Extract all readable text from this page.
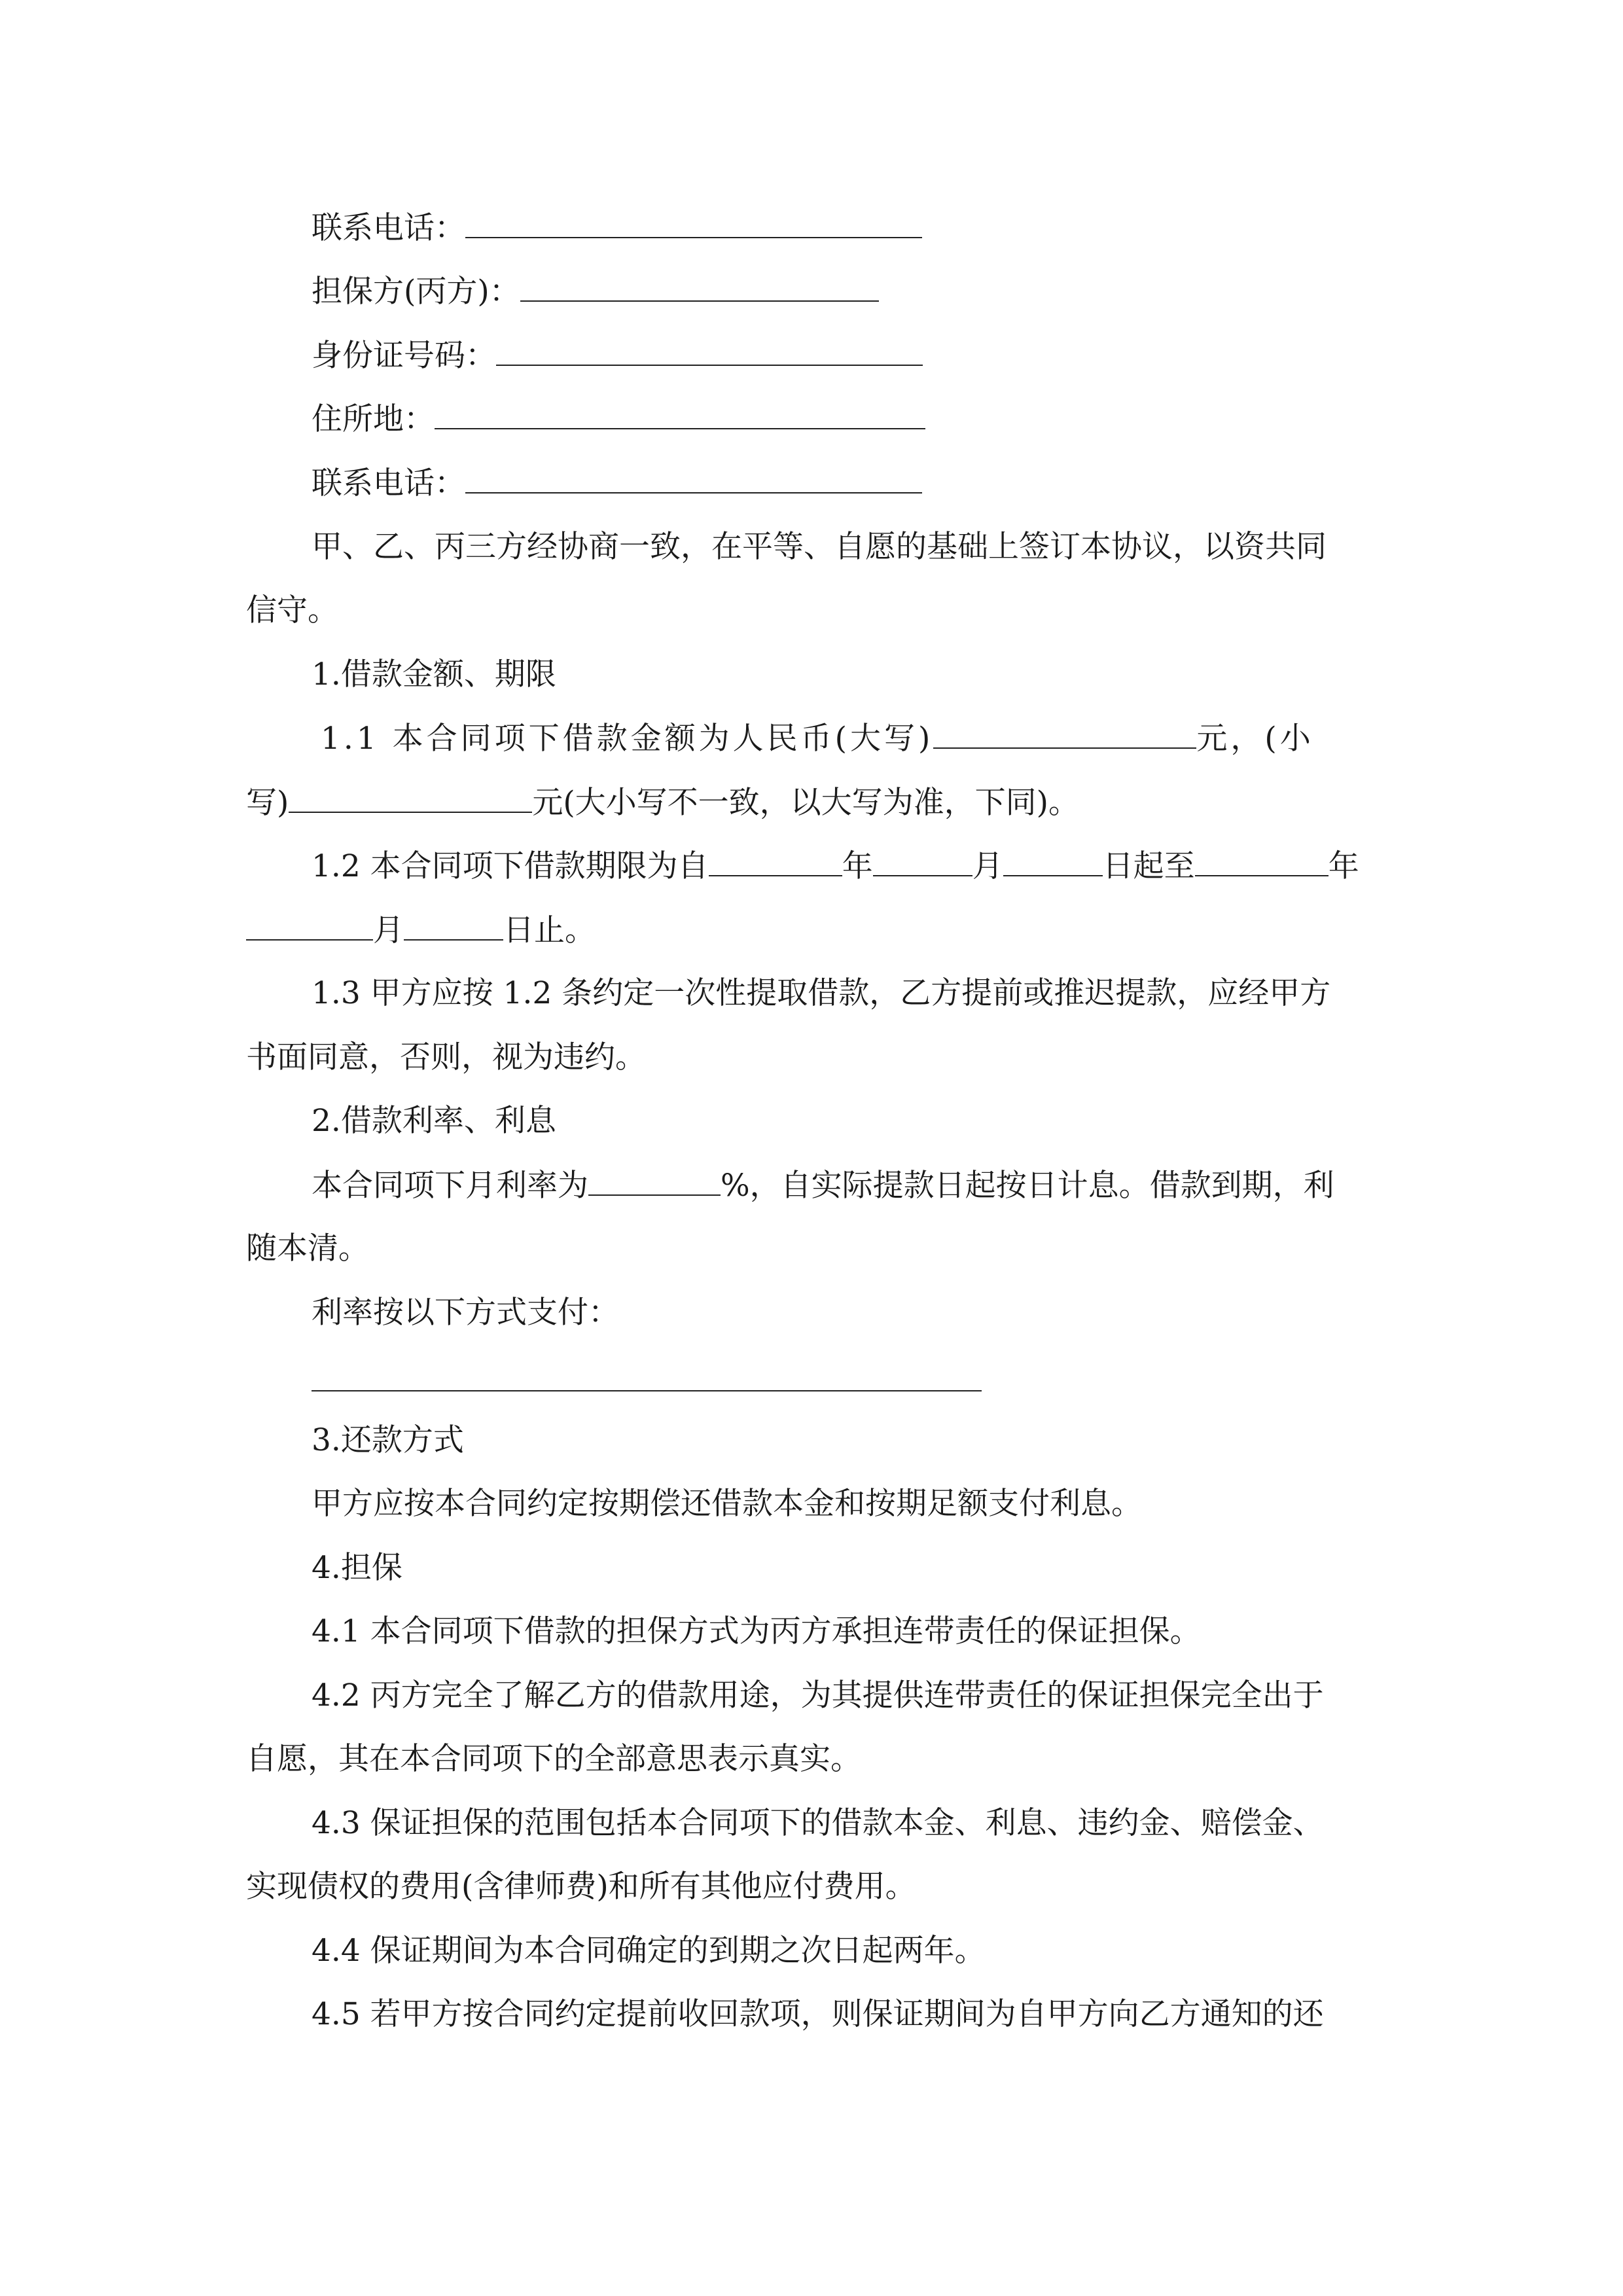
联系电话：
担保方(丙方)：
身份证号码：
住所地：
联系电话：
甲、乙、丙三方经协商一致，在平等、自愿的基础上签订本协议，以资共同
信守。
1.借款金额、期限
1.1 本合同项下借款金额为人民币(大写)	元，(小
写)	元(大小写不一致，以大写为准，下同)。
1.2 本合同项下借款期限为自	年	月	日起至	年
月	日止。
1.3 甲方应按 1.2 条约定一次性提取借款，乙方提前或推迟提款，应经甲方
书面同意，否则，视为违约。
2.借款利率、利息
本合同项下月利率为	%，自实际提款日起按日计息。借款到期，利
随本清。
利率按以下方式支付：
3.还款方式
甲方应按本合同约定按期偿还借款本金和按期足额支付利息。
4.担保
4.1 本合同项下借款的担保方式为丙方承担连带责任的保证担保。
4.2 丙方完全了解乙方的借款用途，为其提供连带责任的保证担保完全出于
自愿，其在本合同项下的全部意思表示真实。
4.3 保证担保的范围包括本合同项下的借款本金、利息、违约金、赔偿金、
实现债权的费用(含律师费)和所有其他应付费用。
4.4 保证期间为本合同确定的到期之次日起两年。
4.5 若甲方按合同约定提前收回款项，则保证期间为自甲方向乙方通知的还
